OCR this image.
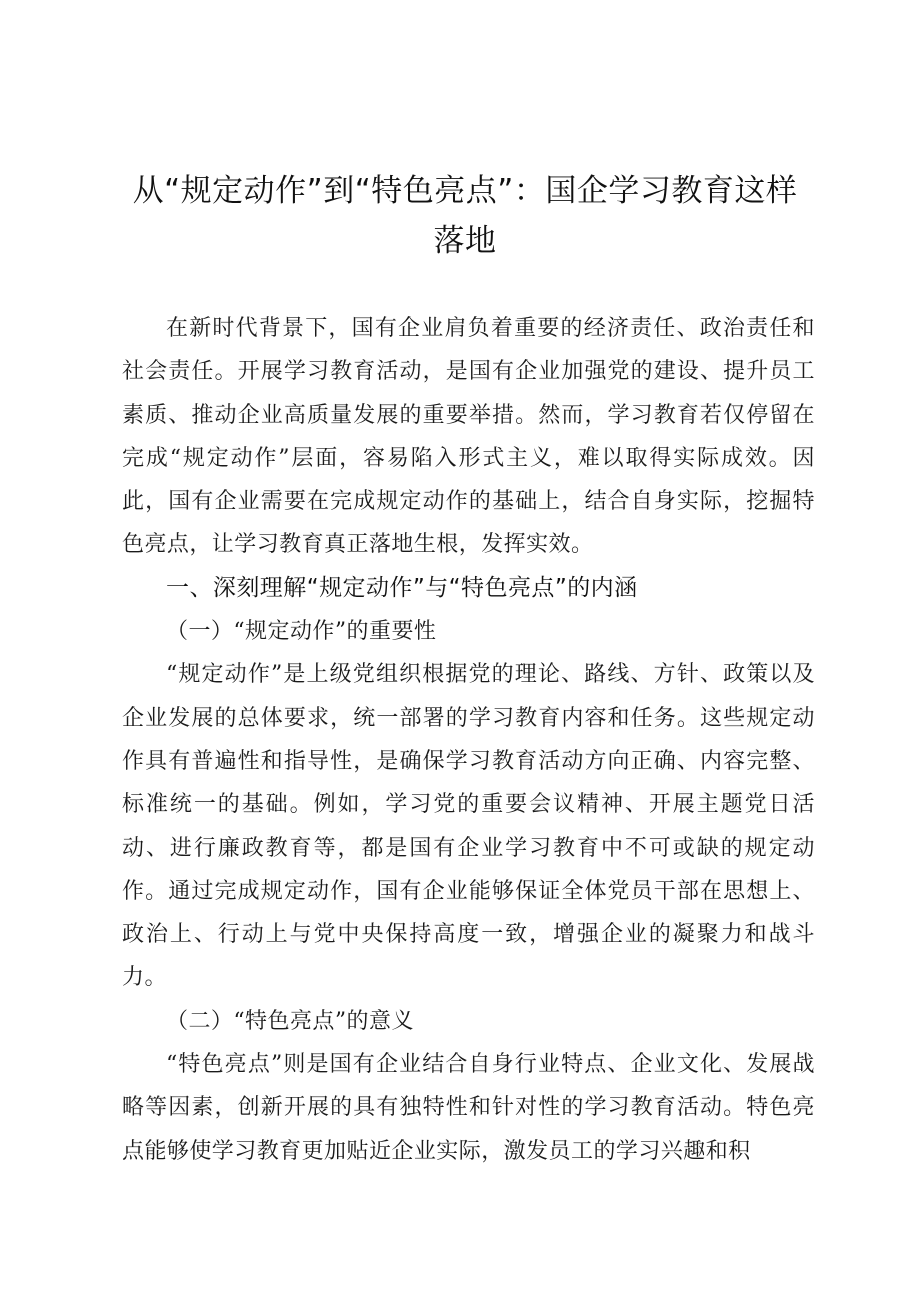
从“规定动作”到“特色亮点”：国企学习教育这样落地

在新时代背景下，国有企业肩负着重要的经济责任、政治责任和社会责任。开展学习教育活动，是国有企业加强党的建设、提升员工素质、推动企业高质量发展的重要举措。然而，学习教育若仅停留在完成“规定动作”层面，容易陷入形式主义，难以取得实际成效。因此，国有企业需要在完成规定动作的基础上，结合自身实际，挖掘特色亮点，让学习教育真正落地生根，发挥实效。

一、深刻理解“规定动作”与“特色亮点”的内涵
（一）“规定动作”的重要性

“规定动作”是上级党组织根据党的理论、路线、方针、政策以及企业发展的总体要求，统一部署的学习教育内容和任务。这些规定动作具有普遍性和指导性，是确保学习教育活动方向正确、内容完整、标准统一的基础。例如，学习党的重要会议精神、开展主题党日活动、进行廉政教育等，都是国有企业学习教育中不可或缺的规定动作。通过完成规定动作，国有企业能够保证全体党员干部在思想上、政治上、行动上与党中央保持高度一致，增强企业的凝聚力和战斗力。

（二）“特色亮点”的意义

“特色亮点”则是国有企业结合自身行业特点、企业文化、发展战略等因素，创新开展的具有独特性和针对性的学习教育活动。特色亮点能够使学习教育更加贴近企业实际，激发员工的学习兴趣和积
